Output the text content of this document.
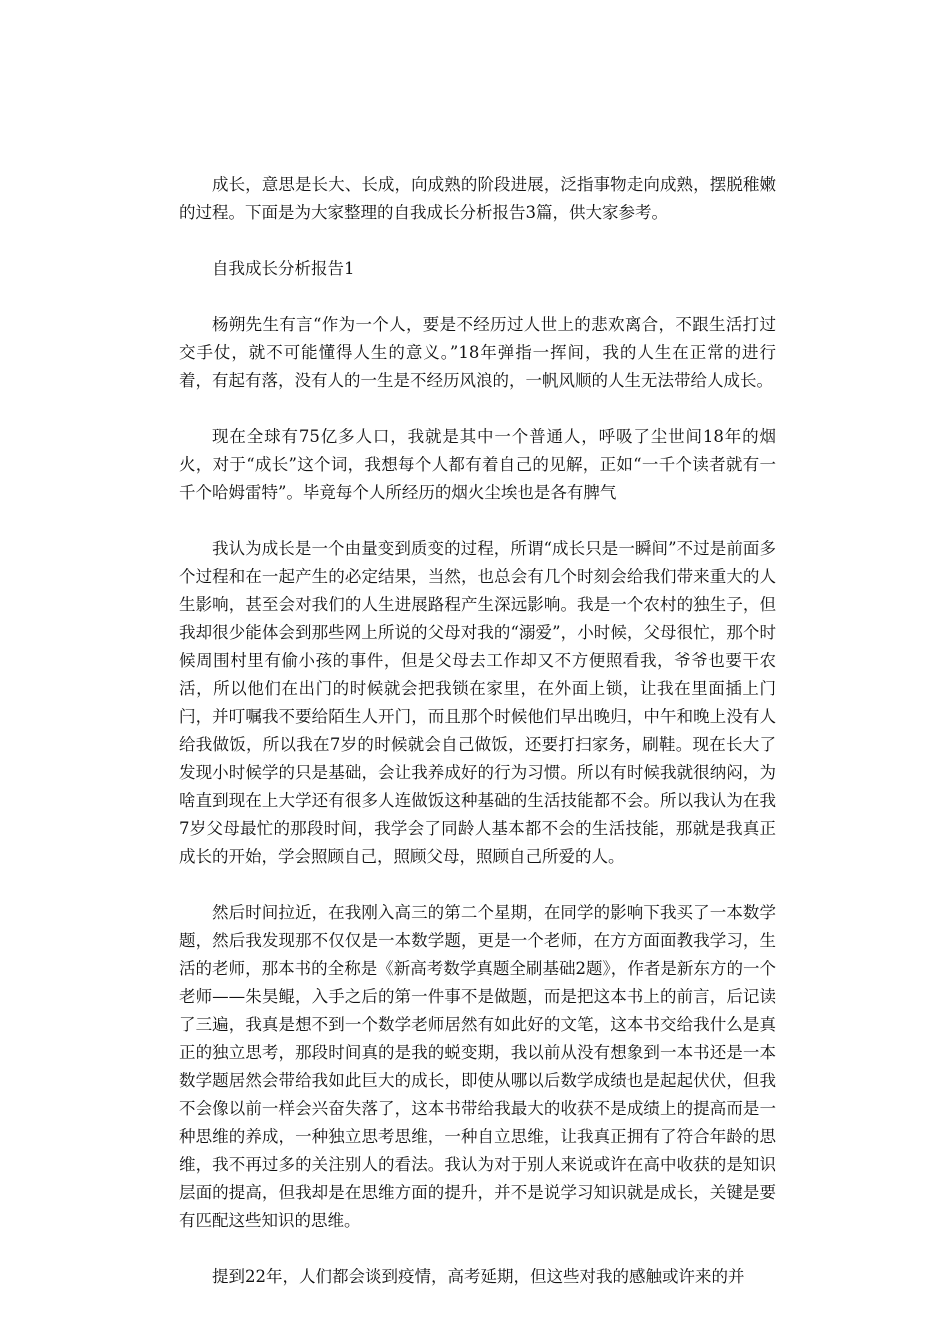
成长，意思是长大、长成，向成熟的阶段进展，泛指事物走向成熟，摆脱稚嫩的过程。下面是为大家整理的自我成长分析报告3篇，供大家参考。

自我成长分析报告1

杨朔先生有言“作为一个人，要是不经历过人世上的悲欢离合，不跟生活打过交手仗，就不可能懂得人生的意义。”18年弹指一挥间，我的人生在正常的进行着，有起有落，没有人的一生是不经历风浪的，一帆风顺的人生无法带给人成长。

现在全球有75亿多人口，我就是其中一个普通人，呼吸了尘世间18年的烟火，对于“成长”这个词，我想每个人都有着自己的见解，正如“一千个读者就有一千个哈姆雷特”。毕竟每个人所经历的烟火尘埃也是各有脾气

我认为成长是一个由量变到质变的过程，所谓“成长只是一瞬间”不过是前面多个过程和在一起产生的必定结果，当然，也总会有几个时刻会给我们带来重大的人生影响，甚至会对我们的人生进展路程产生深远影响。我是一个农村的独生子，但我却很少能体会到那些网上所说的父母对我的“溺爱”，小时候，父母很忙，那个时候周围村里有偷小孩的事件，但是父母去工作却又不方便照看我，爷爷也要干农活，所以他们在出门的时候就会把我锁在家里，在外面上锁，让我在里面插上门闩，并叮嘱我不要给陌生人开门，而且那个时候他们早出晚归，中午和晚上没有人给我做饭，所以我在7岁的时候就会自己做饭，还要打扫家务，刷鞋。现在长大了发现小时候学的只是基础，会让我养成好的行为习惯。所以有时候我就很纳闷，为啥直到现在上大学还有很多人连做饭这种基础的生活技能都不会。所以我认为在我7岁父母最忙的那段时间，我学会了同龄人基本都不会的生活技能，那就是我真正成长的开始，学会照顾自己，照顾父母，照顾自己所爱的人。

然后时间拉近，在我刚入高三的第二个星期，在同学的影响下我买了一本数学题，然后我发现那不仅仅是一本数学题，更是一个老师，在方方面面教我学习，生活的老师，那本书的全称是《新高考数学真题全刷基础2题》，作者是新东方的一个老师——朱昊鲲，入手之后的第一件事不是做题，而是把这本书上的前言，后记读了三遍，我真是想不到一个数学老师居然有如此好的文笔，这本书交给我什么是真正的独立思考，那段时间真的是我的蜕变期，我以前从没有想象到一本书还是一本数学题居然会带给我如此巨大的成长，即使从哪以后数学成绩也是起起伏伏，但我不会像以前一样会兴奋失落了，这本书带给我最大的收获不是成绩上的提高而是一种思维的养成，一种独立思考思维，一种自立思维，让我真正拥有了符合年龄的思维，我不再过多的关注别人的看法。我认为对于别人来说或许在高中收获的是知识层面的提高，但我却是在思维方面的提升，并不是说学习知识就是成长，关键是要有匹配这些知识的思维。

提到22年，人们都会谈到疫情，高考延期，但这些对我的感触或许来的并
